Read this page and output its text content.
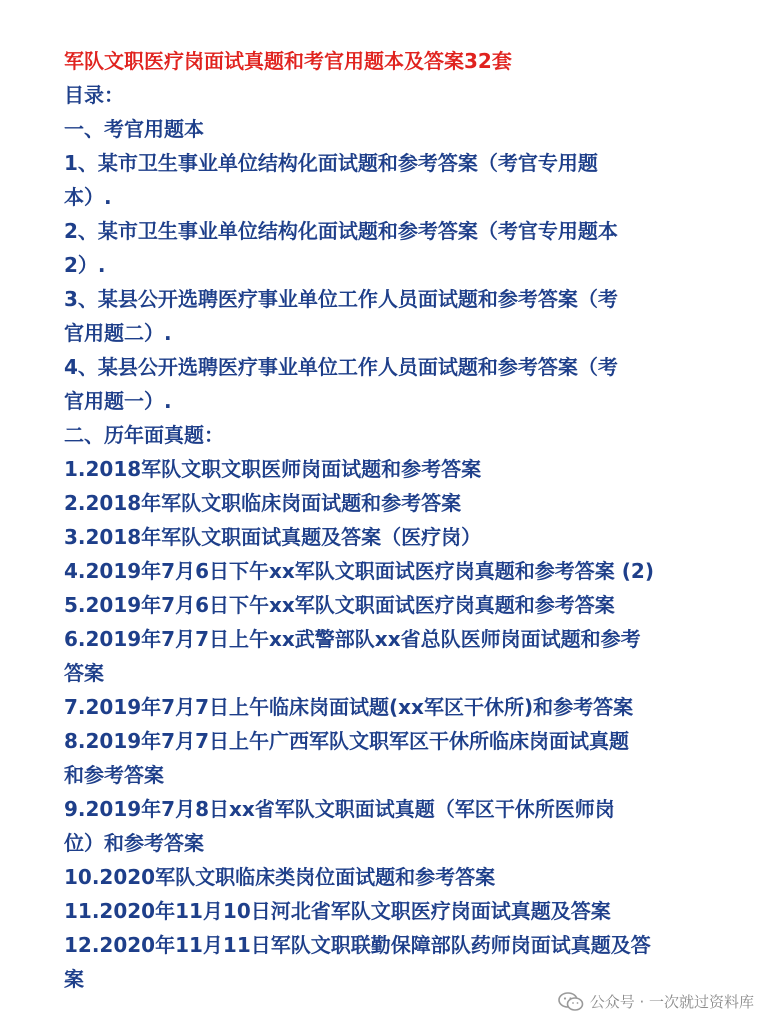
军队文职医疗岗面试真题和考官用题本及答案32套

目录：

一、考官用题本

1、某市卫生事业单位结构化面试题和参考答案（考官专用题

本）.

2、某市卫生事业单位结构化面试题和参考答案（考官专用题本

2）.

3、某县公开选聘医疗事业单位工作人员面试题和参考答案（考

官用题二）.

4、某县公开选聘医疗事业单位工作人员面试题和参考答案（考

官用题一）.

二、历年面真题：

1.2018军队文职文职医师岗面试题和参考答案

2.2018年军队文职临床岗面试题和参考答案

3.2018年军队文职面试真题及答案（医疗岗）

4.2019年7月6日下午xx军队文职面试医疗岗真题和参考答案 (2)

5.2019年7月6日下午xx军队文职面试医疗岗真题和参考答案

6.2019年7月7日上午xx武警部队xx省总队医师岗面试题和参考

答案

7.2019年7月7日上午临床岗面试题(xx军区干休所)和参考答案

8.2019年7月7日上午广西军队文职军区干休所临床岗面试真题

和参考答案

9.2019年7月8日xx省军队文职面试真题（军区干休所医师岗

位）和参考答案

10.2020军队文职临床类岗位面试题和参考答案

11.2020年11月10日河北省军队文职医疗岗面试真题及答案

12.2020年11月11日军队文职联勤保障部队药师岗面试真题及答

案

公众号 · 一次就过资料库
